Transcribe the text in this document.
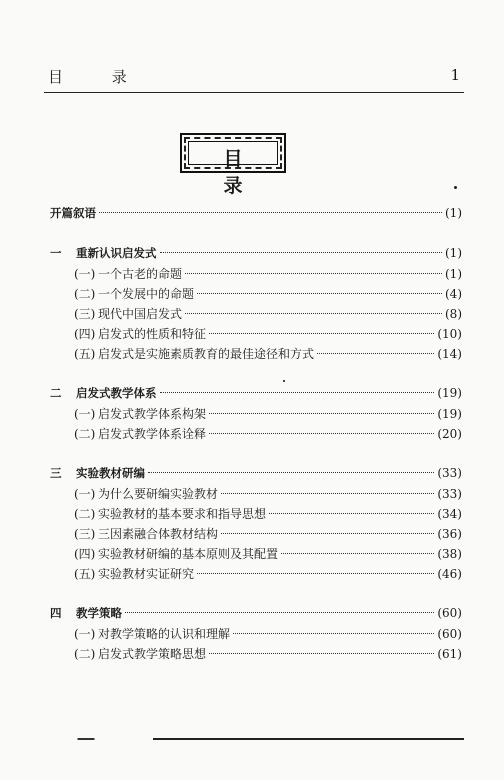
目 录	1
目 录
开篇叙语	(1)
一 重新认识启发式	(1)
(一) 一个古老的命题	(1)
(二) 一个发展中的命题	(4)
(三) 现代中国启发式	(8)
(四) 启发式的性质和特征	(10)
(五) 启发式是实施素质教育的最佳途径和方式	(14)
二 启发式教学体系	(19)
(一) 启发式教学体系构架	(19)
(二) 启发式教学体系诠释	(20)
三 实验教材研编	(33)
(一) 为什么要研编实验教材	(33)
(二) 实验教材的基本要求和指导思想	(34)
(三) 三因素融合体教材结构	(36)
(四) 实验教材研编的基本原则及其配置	(38)
(五) 实验教材实证研究	(46)
四 教学策略	(60)
(一) 对教学策略的认识和理解	(60)
(二) 启发式教学策略思想	(61)
